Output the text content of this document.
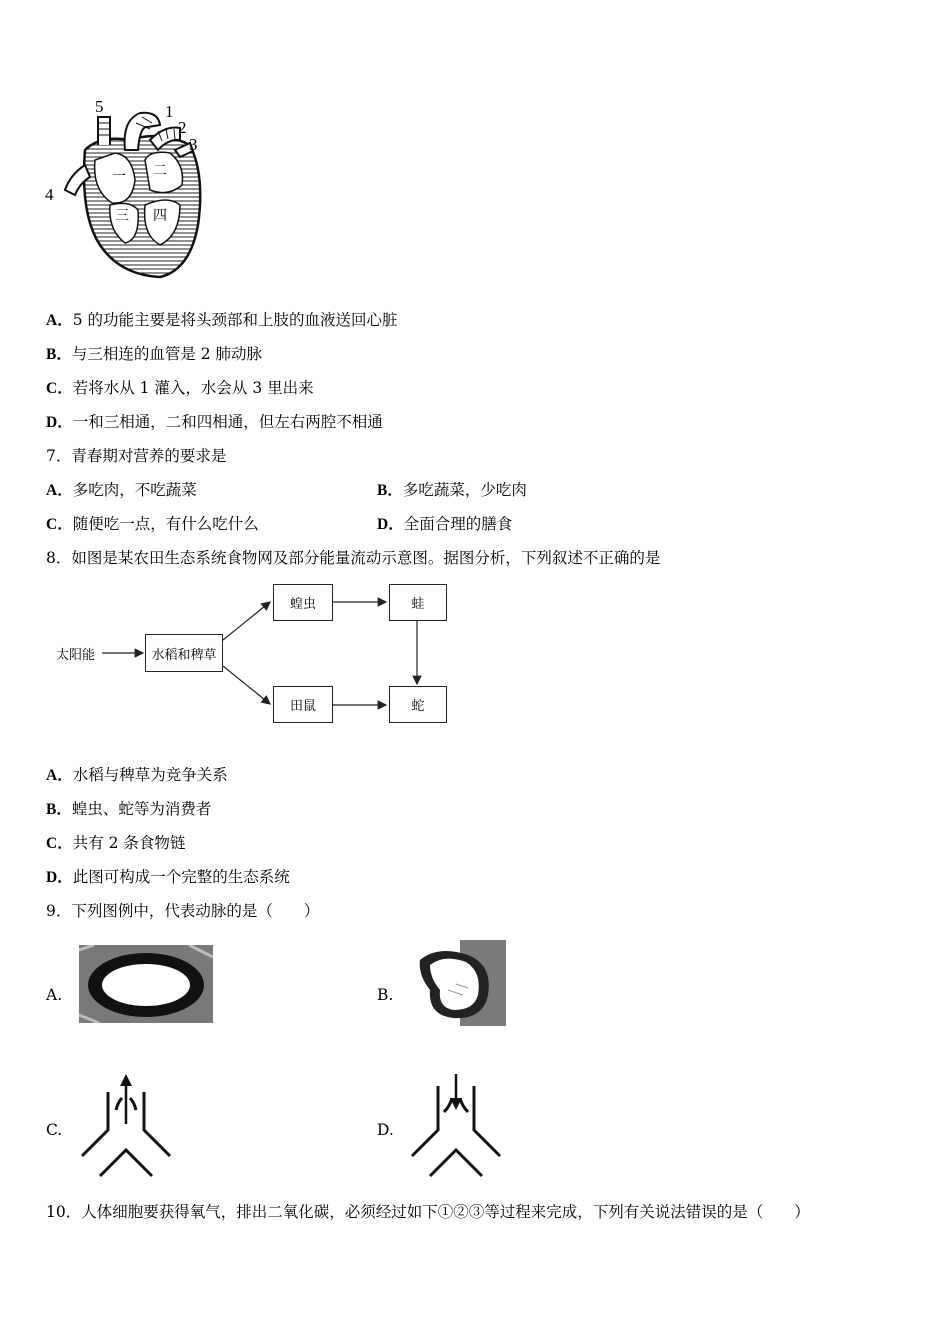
5	1
2
3
4
一 二
三 四
A．5 的功能主要是将头颈部和上肢的血液送回心脏
B．与三相连的血管是 2 肺动脉
C．若将水从 1 灌入，水会从 3 里出来
D．一和三相通，二和四相通，但左右两腔不相通
7．青春期对营养的要求是
A．多吃肉，不吃蔬菜	B．多吃蔬菜，少吃肉
C．随便吃一点，有什么吃什么	D．全面合理的膳食
8．如图是某农田生态系统食物网及部分能量流动示意图。据图分析，下列叙述不正确的是
太阳能	水稻和稗草
蝗虫	蛙
田鼠	蛇
A．水稻与稗草为竞争关系
B．蝗虫、蛇等为消费者
C．共有 2 条食物链
D．此图可构成一个完整的生态系统
9．下列图例中，代表动脉的是（　　）
A.	B.
C.	D.
10．人体细胞要获得氧气，排出二氧化碳，必须经过如下①②③等过程来完成，下列有关说法错误的是（　　）
